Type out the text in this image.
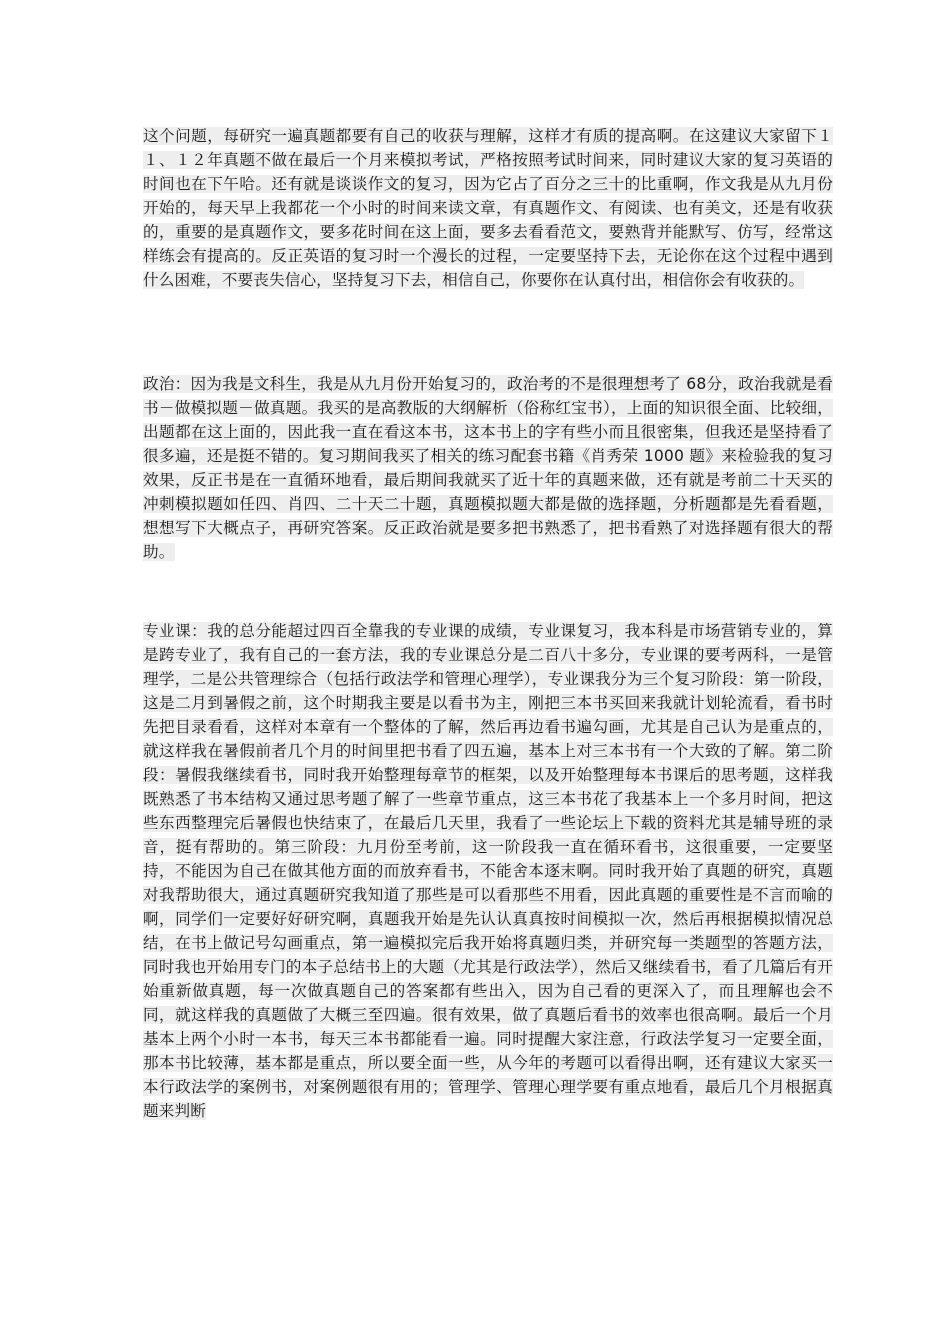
这个问题，每研究一遍真题都要有自己的收获与理解，这样才有质的提高啊。在这建议大家留下１１、１２年真题不做在最后一个月来模拟考试，严格按照考试时间来，同时建议大家的复习英语的时间也在下午哈。还有就是谈谈作文的复习，因为它占了百分之三十的比重啊，作文我是从九月份开始的，每天早上我都花一个小时的时间来读文章，有真题作文、有阅读、也有美文，还是有收获的，重要的是真题作文，要多花时间在这上面，要多去看看范文，要熟背并能默写、仿写，经常这样练会有提高的。反正英语的复习时一个漫长的过程，一定要坚持下去，无论你在这个过程中遇到什么困难，不要丧失信心，坚持复习下去，相信自己，你要你在认真付出，相信你会有收获的。
政治：因为我是文科生，我是从九月份开始复习的，政治考的不是很理想考了 68分，政治我就是看书－做模拟题－做真题。我买的是高教版的大纲解析（俗称红宝书），上面的知识很全面、比较细，出题都在这上面的，因此我一直在看这本书，这本书上的字有些小而且很密集，但我还是坚持看了很多遍，还是挺不错的。复习期间我买了相关的练习配套书籍《肖秀荣 1000 题》来检验我的复习效果，反正书是在一直循环地看，最后期间我就买了近十年的真题来做，还有就是考前二十天买的冲刺模拟题如任四、肖四、二十天二十题，真题模拟题大都是做的选择题，分析题都是先看看题，想想写下大概点子，再研究答案。反正政治就是要多把书熟悉了，把书看熟了对选择题有很大的帮助。
专业课：我的总分能超过四百全靠我的专业课的成绩，专业课复习，我本科是市场营销专业的，算是跨专业了，我有自己的一套方法，我的专业课总分是二百八十多分，专业课的要考两科，一是管理学，二是公共管理综合（包括行政法学和管理心理学），专业课我分为三个复习阶段：第一阶段，这是二月到暑假之前，这个时期我主要是以看书为主，刚把三本书买回来我就计划轮流看，看书时先把目录看看，这样对本章有一个整体的了解，然后再边看书遍勾画，尤其是自己认为是重点的，就这样我在暑假前者几个月的时间里把书看了四五遍，基本上对三本书有一个大致的了解。第二阶段：暑假我继续看书，同时我开始整理每章节的框架，以及开始整理每本书课后的思考题，这样我既熟悉了书本结构又通过思考题了解了一些章节重点，这三本书花了我基本上一个多月时间，把这些东西整理完后暑假也快结束了，在最后几天里，我看了一些论坛上下载的资料尤其是辅导班的录音，挺有帮助的。第三阶段：九月份至考前，这一阶段我一直在循环看书，这很重要，一定要坚持，不能因为自己在做其他方面的而放弃看书，不能舍本逐末啊。同时我开始了真题的研究，真题对我帮助很大，通过真题研究我知道了那些是可以看那些不用看，因此真题的重要性是不言而喻的啊，同学们一定要好好研究啊，真题我开始是先认认真真按时间模拟一次，然后再根据模拟情况总结，在书上做记号勾画重点，第一遍模拟完后我开始将真题归类，并研究每一类题型的答题方法，同时我也开始用专门的本子总结书上的大题（尤其是行政法学），然后又继续看书，看了几篇后有开始重新做真题，每一次做真题自己的答案都有些出入，因为自己看的更深入了，而且理解也会不同，就这样我的真题做了大概三至四遍。很有效果，做了真题后看书的效率也很高啊。最后一个月基本上两个小时一本书，每天三本书都能看一遍。同时提醒大家注意，行政法学复习一定要全面，那本书比较薄，基本都是重点，所以要全面一些，从今年的考题可以看得出啊，还有建议大家买一本行政法学的案例书，对案例题很有用的；管理学、管理心理学要有重点地看，最后几个月根据真题来判断
